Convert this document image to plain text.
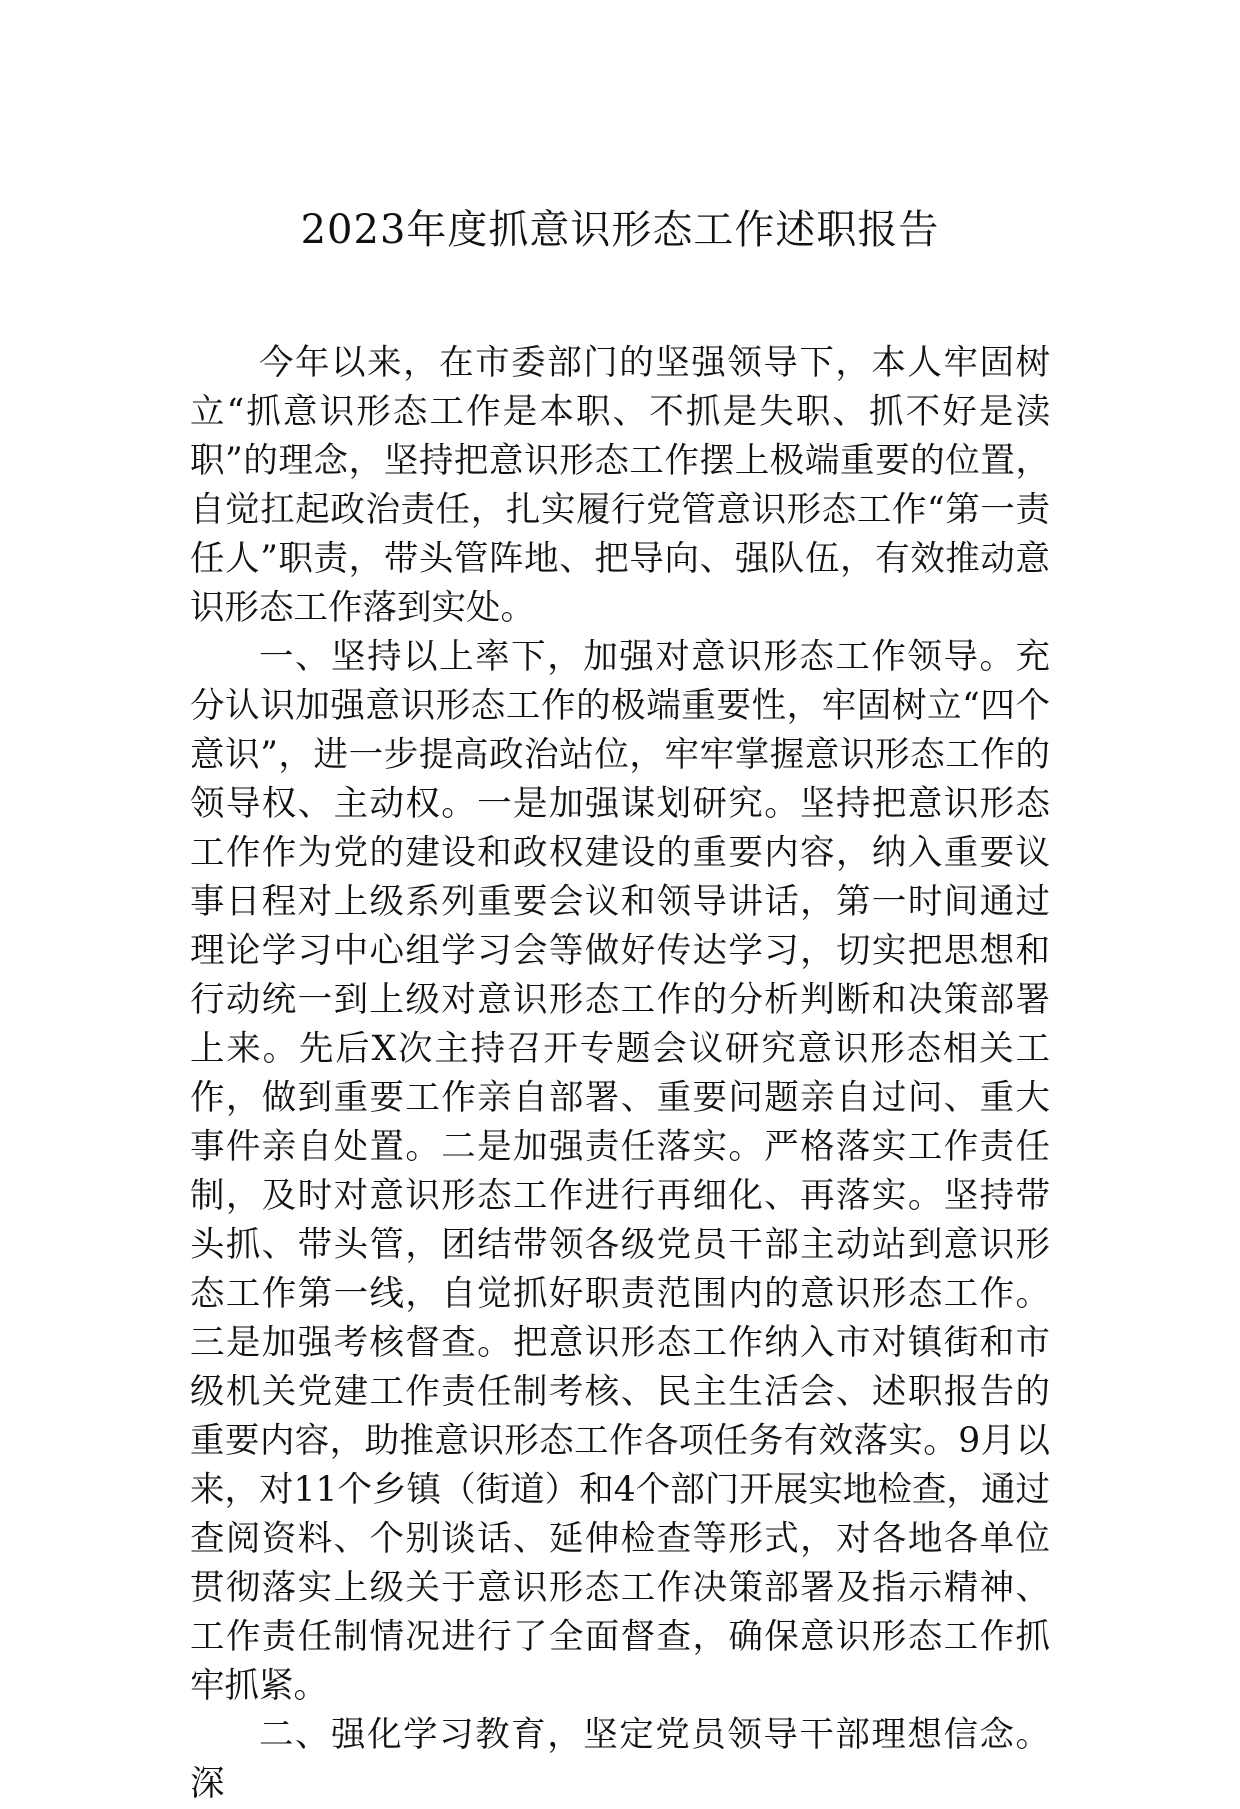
2023年度抓意识形态工作述职报告

今年以来，在市委部门的坚强领导下，本人牢固树立“抓意识形态工作是本职、不抓是失职、抓不好是渎职”的理念，坚持把意识形态工作摆上极端重要的位置，自觉扛起政治责任，扎实履行党管意识形态工作“第一责任人”职责，带头管阵地、把导向、强队伍，有效推动意识形态工作落到实处。

一、坚持以上率下，加强对意识形态工作领导。充分认识加强意识形态工作的极端重要性，牢固树立“四个意识”，进一步提高政治站位，牢牢掌握意识形态工作的领导权、主动权。一是加强谋划研究。坚持把意识形态工作作为党的建设和政权建设的重要内容，纳入重要议事日程对上级系列重要会议和领导讲话，第一时间通过理论学习中心组学习会等做好传达学习，切实把思想和行动统一到上级对意识形态工作的分析判断和决策部署上来。先后X次主持召开专题会议研究意识形态相关工作，做到重要工作亲自部署、重要问题亲自过问、重大事件亲自处置。二是加强责任落实。严格落实工作责任制，及时对意识形态工作进行再细化、再落实。坚持带头抓、带头管，团结带领各级党员干部主动站到意识形态工作第一线，自觉抓好职责范围内的意识形态工作。三是加强考核督查。把意识形态工作纳入市对镇街和市级机关党建工作责任制考核、民主生活会、述职报告的重要内容，助推意识形态工作各项任务有效落实。9月以来，对11个乡镇（街道）和4个部门开展实地检查，通过查阅资料、个别谈话、延伸检查等形式，对各地各单位贯彻落实上级关于意识形态工作决策部署及指示精神、工作责任制情况进行了全面督查，确保意识形态工作抓牢抓紧。

二、强化学习教育，坚定党员领导干部理想信念。深
